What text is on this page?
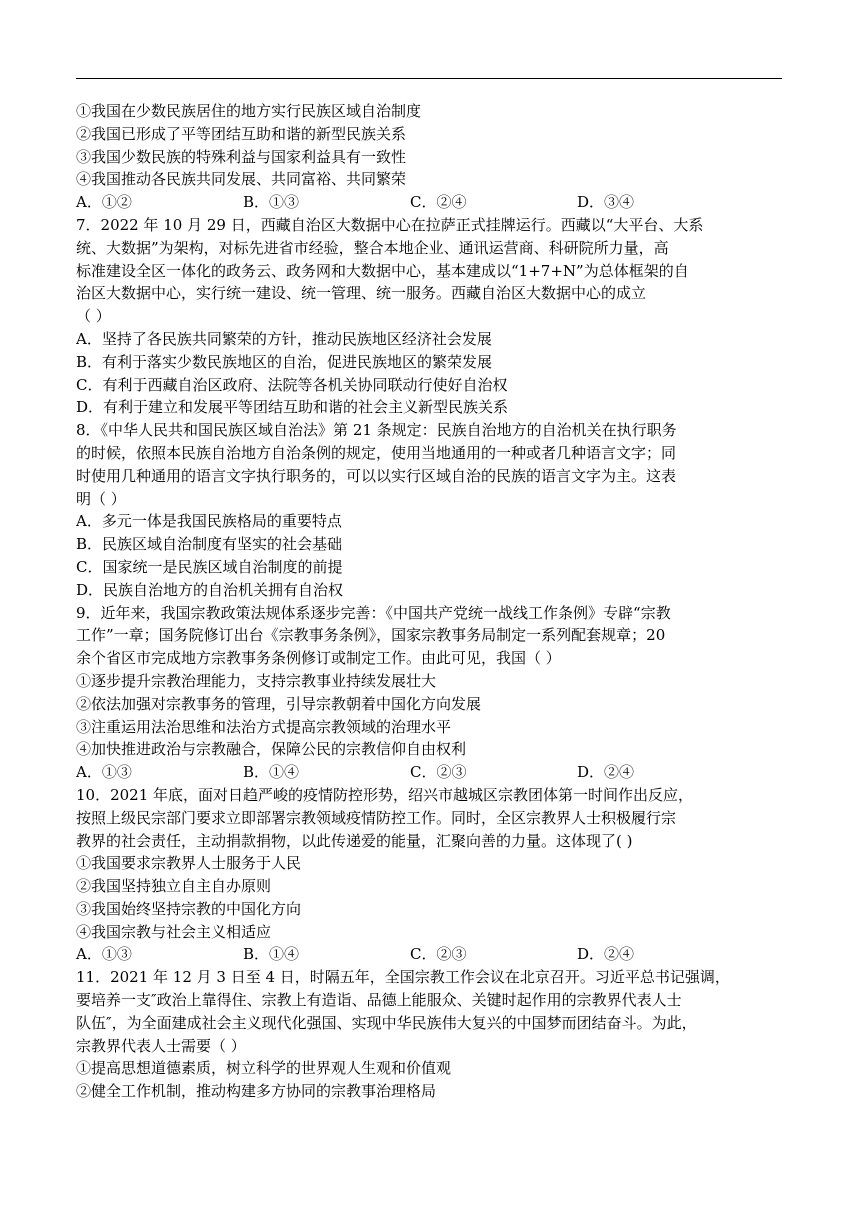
①我国在少数民族居住的地方实行民族区域自治制度
②我国已形成了平等团结互助和谐的新型民族关系
③我国少数民族的特殊利益与国家利益具有一致性
④我国推动各民族共同发展、共同富裕、共同繁荣
A．①②	B．①③	C．②④	D．③④
7．2022 年 10 月 29 日，西藏自治区大数据中心在拉萨正式挂牌运行。西藏以“大平台、大系
统、大数据”为架构，对标先进省市经验，整合本地企业、通讯运营商、科研院所力量，高
标准建设全区一体化的政务云、政务网和大数据中心，基本建成以“1+7+N”为总体框架的自
治区大数据中心，实行统一建设、统一管理、统一服务。西藏自治区大数据中心的成立
（ ）
A．坚持了各民族共同繁荣的方针，推动民族地区经济社会发展
B．有利于落实少数民族地区的自治，促进民族地区的繁荣发展
C．有利于西藏自治区政府、法院等各机关协同联动行使好自治权
D．有利于建立和发展平等团结互助和谐的社会主义新型民族关系
8．《中华人民共和国民族区域自治法》第 21 条规定：民族自治地方的自治机关在执行职务
的时候，依照本民族自治地方自治条例的规定，使用当地通用的一种或者几种语言文字；同
时使用几种通用的语言文字执行职务的，可以以实行区域自治的民族的语言文字为主。这表
明（ ）
A．多元一体是我国民族格局的重要特点
B．民族区域自治制度有坚实的社会基础
C．国家统一是民族区域自治制度的前提
D．民族自治地方的自治机关拥有自治权
9．近年来，我国宗教政策法规体系逐步完善：《中国共产党统一战线工作条例》专辟“宗教
工作”一章；国务院修订出台《宗教事务条例》，国家宗教事务局制定一系列配套规章；20
余个省区市完成地方宗教事务条例修订或制定工作。由此可见，我国（ ）
①逐步提升宗教治理能力，支持宗教事业持续发展壮大
②依法加强对宗教事务的管理，引导宗教朝着中国化方向发展
③注重运用法治思维和法治方式提高宗教领域的治理水平
④加快推进政治与宗教融合，保障公民的宗教信仰自由权利
A．①③	B．①④	C．②③	D．②④
10．2021 年底，面对日趋严峻的疫情防控形势，绍兴市越城区宗教团体第一时间作出反应，
按照上级民宗部门要求立即部署宗教领域疫情防控工作。同时，全区宗教界人士积极履行宗
教界的社会责任，主动捐款捐物，以此传递爱的能量，汇聚向善的力量。这体现了( )
①我国要求宗教界人士服务于人民
②我国坚持独立自主自办原则
③我国始终坚持宗教的中国化方向
④我国宗教与社会主义相适应
A．①③	B．①④	C．②③	D．②④
11．2021 年 12 月 3 日至 4 日，时隔五年，全国宗教工作会议在北京召开。习近平总书记强调，
要培养一支″政治上靠得住、宗教上有造诣、品德上能服众、关键时起作用的宗教界代表人士
队伍″，为全面建成社会主义现代化强国、实现中华民族伟大复兴的中国梦而团结奋斗。为此，
宗教界代表人士需要（ ）
①提高思想道德素质，树立科学的世界观人生观和价值观
②健全工作机制，推动构建多方协同的宗教事治理格局
